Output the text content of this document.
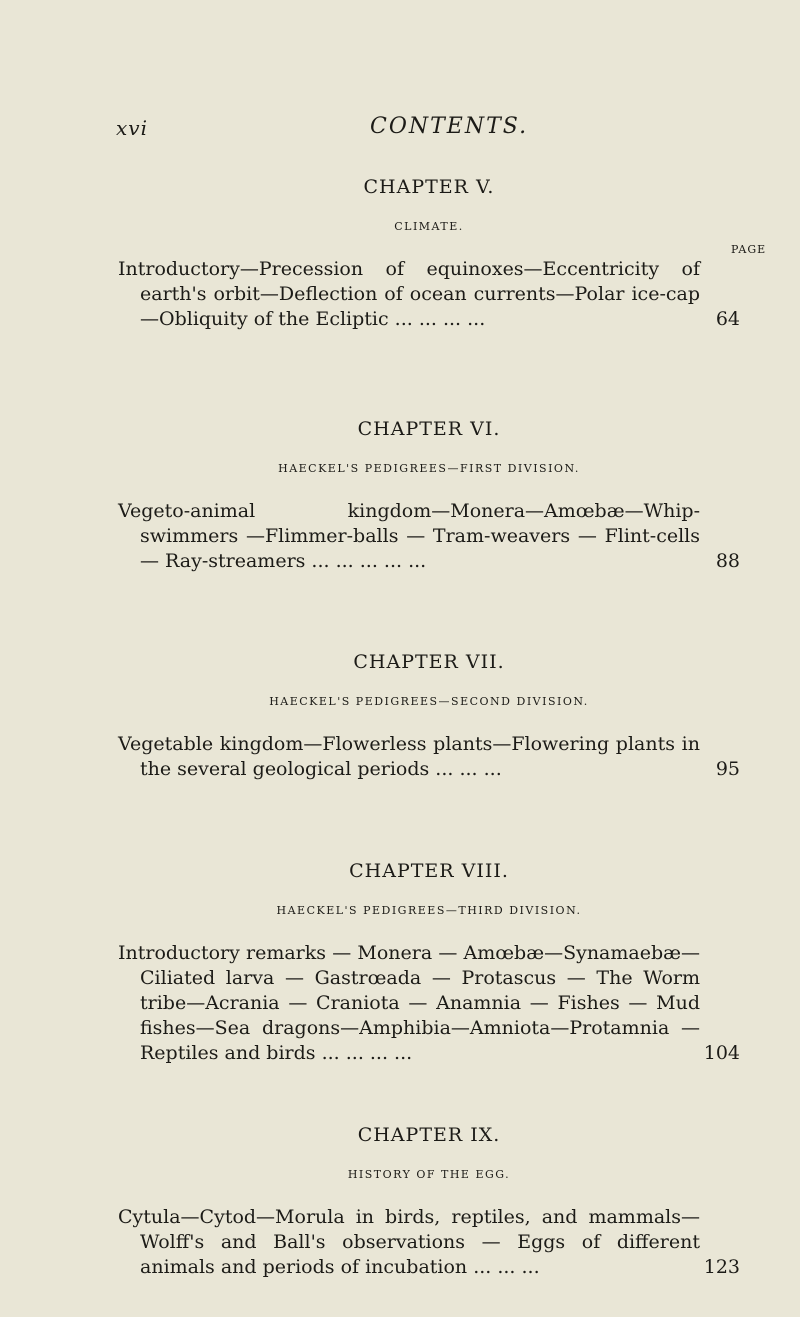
xvi	CONTENTS.
PAGE
CHAPTER V.
CLIMATE.
Introductory—Precession of equinoxes—Eccentricity of earth's orbit—Deflection of ocean currents—Polar ice-cap—Obliquity of the Ecliptic ... ... ... ...	64
CHAPTER VI.
HAECKEL'S PEDIGREES—FIRST DIVISION.
Vegeto-animal kingdom—Monera—Amœbæ—Whip-swimmers —Flimmer-balls — Tram-weavers — Flint-cells — Ray-streamers ... ... ... ... ...	88
CHAPTER VII.
HAECKEL'S PEDIGREES—SECOND DIVISION.
Vegetable kingdom—Flowerless plants—Flowering plants in the several geological periods ... ... ...	95
CHAPTER VIII.
HAECKEL'S PEDIGREES—THIRD DIVISION.
Introductory remarks — Monera — Amœbæ—Synamaebæ—Ciliated larva — Gastrœada — Protascus — The Worm tribe—Acrania — Craniota — Anamnia — Fishes — Mud fishes—Sea dragons—Amphibia—Amniota—Protamnia —Reptiles and birds ... ... ... ...	104
CHAPTER IX.
HISTORY OF THE EGG.
Cytula—Cytod—Morula in birds, reptiles, and mammals—Wolff's and Ball's observations — Eggs of different animals and periods of incubation ... ... ...	123
